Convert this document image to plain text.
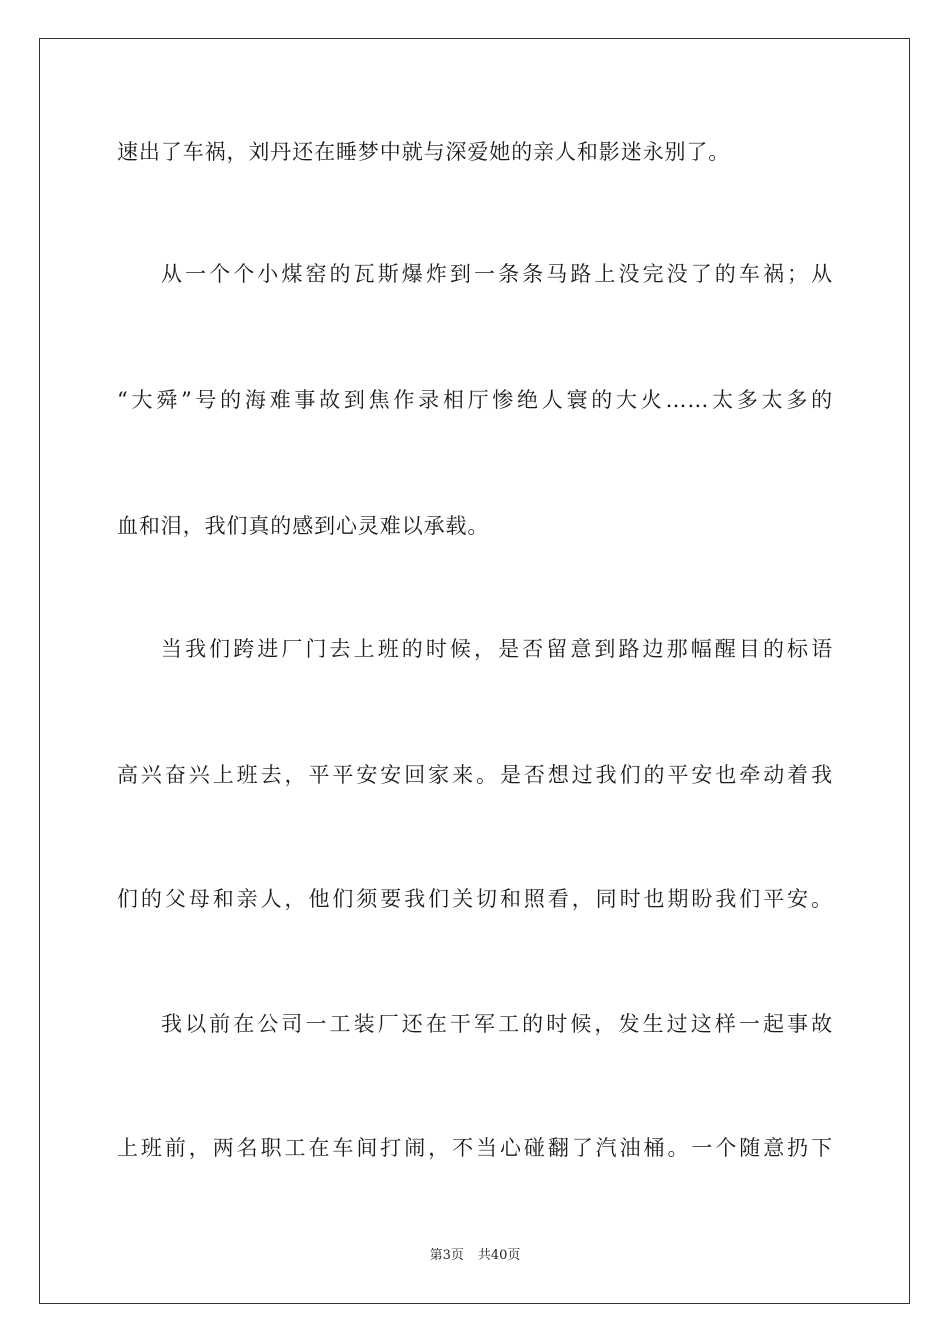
速出了车祸，刘丹还在睡梦中就与深爱她的亲人和影迷永别了。
从一个个小煤窑的瓦斯爆炸到一条条马路上没完没了的车祸；从
“大舜”号的海难事故到焦作录相厅惨绝人寰的大火……太多太多的
血和泪，我们真的感到心灵难以承载。
当我们跨进厂门去上班的时候，是否留意到路边那幅醒目的标语
高兴奋兴上班去，平平安安回家来。是否想过我们的平安也牵动着我
们的父母和亲人，他们须要我们关切和照看，同时也期盼我们平安。
我以前在公司一工装厂还在干军工的时候，发生过这样一起事故
上班前，两名职工在车间打闹，不当心碰翻了汽油桶。一个随意扔下
第3页 共40页
